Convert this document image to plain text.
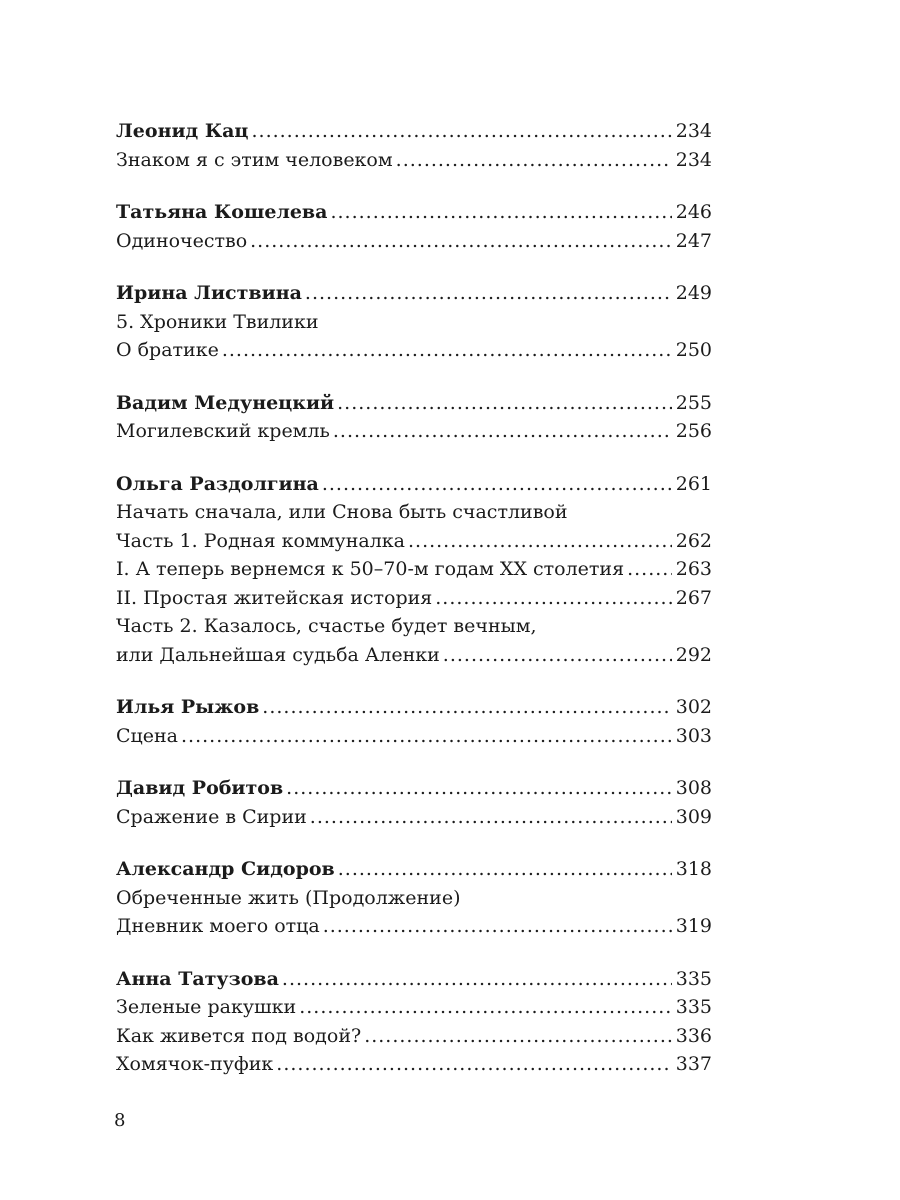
Леонид Кац .....	234
Знаком я с этим человеком .....	234
Татьяна Кошелева .....	246
Одиночество .....	247
Ирина Листвина .....	249
5. Хроники Твилики
О братике .....	250
Вадим Медунецкий .....	255
Могилевский кремль .....	256
Ольга Раздолгина .....	261
Начать сначала, или Снова быть счастливой
Часть 1. Родная коммуналка .....	262
I. А теперь вернемся к 50–70-м годам ХХ столетия .....	263
II. Простая житейская история .....	267
Часть 2. Казалось, счастье будет вечным,
или Дальнейшая судьба Аленки .....	292
Илья Рыжов .....	302
Сцена .....	303
Давид Робитов .....	308
Сражение в Сирии .....	309
Александр Сидоров .....	318
Обреченные жить (Продолжение)
Дневник моего отца .....	319
Анна Татузова .....	335
Зеленые ракушки .....	335
Как живется под водой? .....	336
Хомячок-пуфик .....	337
8
